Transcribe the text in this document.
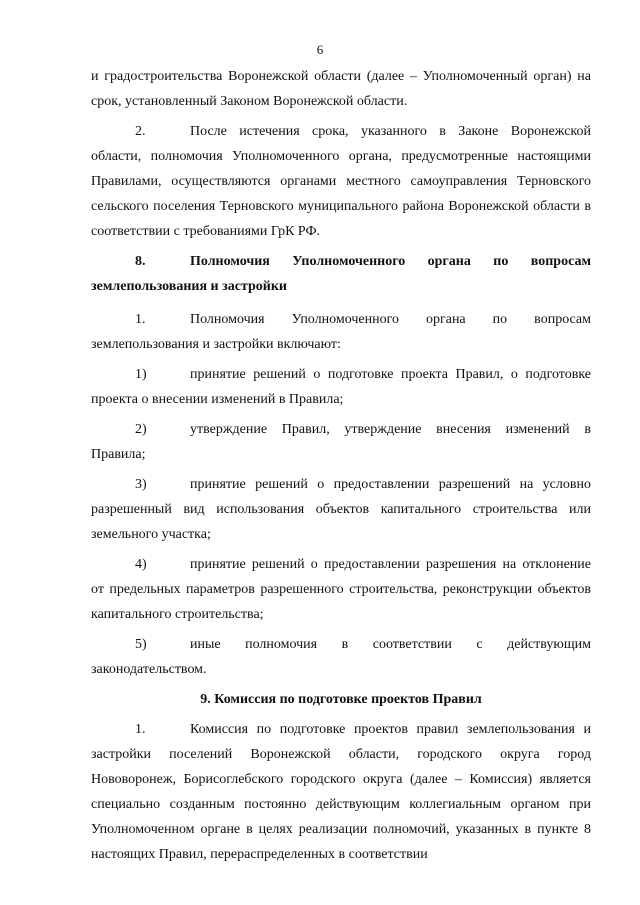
6

и градостроительства Воронежской области (далее – Уполномоченный орган) на срок, установленный Законом Воронежской области.

2.	После истечения срока, указанного в Законе Воронежской области, полномочия Уполномоченного органа, предусмотренные настоящими Правилами, осуществляются органами местного самоуправления Терновского сельского поселения Терновского муниципального района Воронежской области в соответствии с требованиями ГрК РФ.

8.	Полномочия Уполномоченного органа по вопросам землепользования и застройки

1.	Полномочия Уполномоченного органа по вопросам землепользования и застройки включают:

1)	принятие решений о подготовке проекта Правил, о подготовке проекта о внесении изменений в Правила;

2)	утверждение Правил, утверждение внесения изменений в Правила;

3)	принятие решений о предоставлении разрешений на условно разрешенный вид использования объектов капитального строительства или земельного участка;

4)	принятие решений о предоставлении разрешения на отклонение от предельных параметров разрешенного строительства, реконструкции объектов капитального строительства;

5)	иные полномочия в соответствии с действующим законодательством.

9. Комиссия по подготовке проектов Правил

1.	Комиссия по подготовке проектов правил землепользования и застройки поселений Воронежской области, городского округа город Нововоронеж, Борисоглебского городского округа (далее – Комиссия) является специально созданным постоянно действующим коллегиальным органом при Уполномоченном органе в целях реализации полномочий, указанных в пункте 8 настоящих Правил, перераспределенных в соответствии
